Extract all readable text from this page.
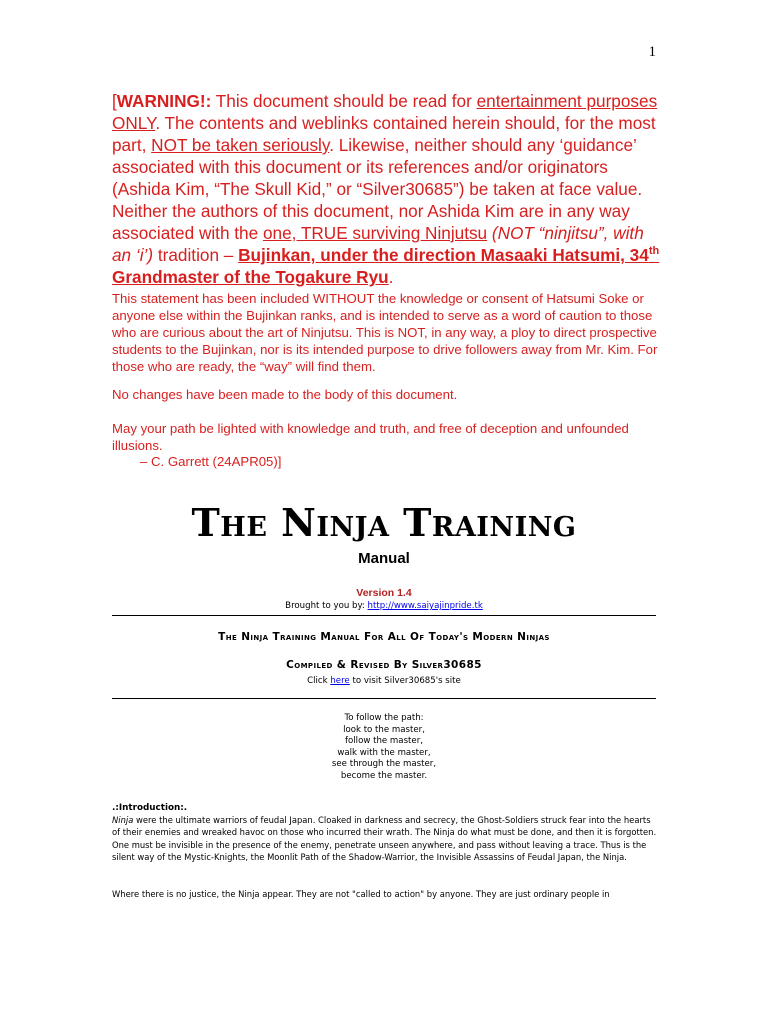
1
[WARNING!: This document should be read for entertainment purposes ONLY. The contents and weblinks contained herein should, for the most part, NOT be taken seriously. Likewise, neither should any ‘guidance’ associated with this document or its references and/or originators (Ashida Kim, “The Skull Kid,” or “Silver30685”) be taken at face value. Neither the authors of this document, nor Ashida Kim are in any way associated with the one, TRUE surviving Ninjutsu (NOT “ninjitsu”, with an ‘i’) tradition – Bujinkan, under the direction Masaaki Hatsumi, 34th Grandmaster of the Togakure Ryu.

This statement has been included WITHOUT the knowledge or consent of Hatsumi Soke or anyone else within the Bujinkan ranks, and is intended to serve as a word of caution to those who are curious about the art of Ninjutsu. This is NOT, in any way, a ploy to direct prospective students to the Bujinkan, nor is its intended purpose to drive followers away from Mr. Kim. For those who are ready, the “way” will find them.

No changes have been made to the body of this document.

May your path be lighted with knowledge and truth, and free of deception and unfounded illusions.

– C. Garrett (24APR05)]

The Ninja Training
Manual
Version 1.4
Brought to you by: http://www.saiyajinpride.tk
The Ninja Training Manual For All Of Today's Modern Ninjas
Compiled & Revised By Silver30685
Click here to visit Silver30685's site
To follow the path:
look to the master,
follow the master,
walk with the master,
see through the master,
become the master.
.:Introduction:.

Ninja were the ultimate warriors of feudal Japan. Cloaked in darkness and secrecy, the Ghost-Soldiers struck fear into the hearts of their enemies and wreaked havoc on those who incurred their wrath. The Ninja do what must be done, and then it is forgotten. One must be invisible in the presence of the enemy, penetrate unseen anywhere, and pass without leaving a trace. Thus is the silent way of the Mystic-Knights, the Moonlit Path of the Shadow-Warrior, the Invisible Assassins of Feudal Japan, the Ninja.

Where there is no justice, the Ninja appear. They are not "called to action" by anyone. They are just ordinary people in
